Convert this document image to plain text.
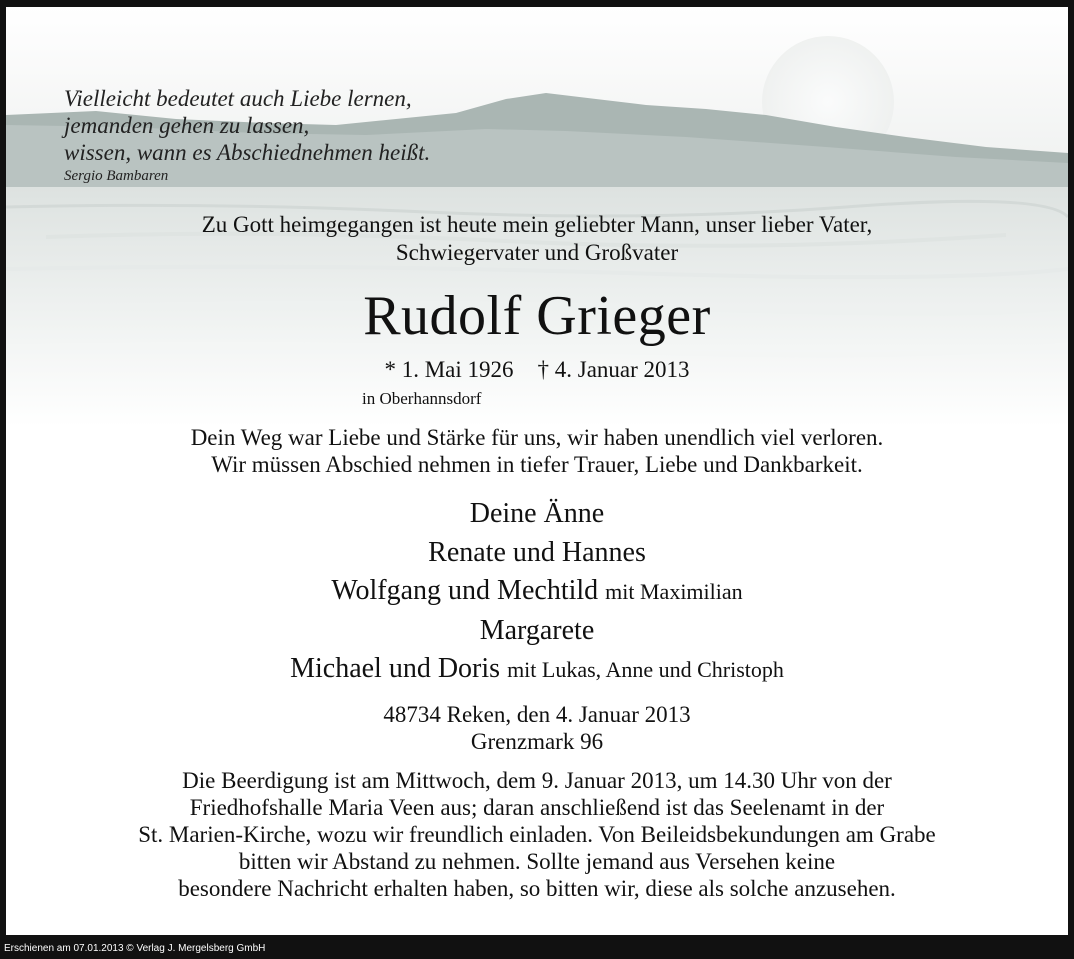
Vielleicht bedeutet auch Liebe lernen,
jemanden gehen zu lassen,
wissen, wann es Abschiednehmen heißt.
Sergio Bambaren
Zu Gott heimgegangen ist heute mein geliebter Mann, unser lieber Vater,
Schwiegervater und Großvater
Rudolf Grieger
* 1. Mai 1926 † 4. Januar 2013
in Oberhannsdorf
Dein Weg war Liebe und Stärke für uns, wir haben unendlich viel verloren.
Wir müssen Abschied nehmen in tiefer Trauer, Liebe und Dankbarkeit.
Deine Änne
Renate und Hannes
Wolfgang und Mechtild mit Maximilian
Margarete
Michael und Doris mit Lukas, Anne und Christoph
48734 Reken, den 4. Januar 2013
Grenzmark 96
Die Beerdigung ist am Mittwoch, dem 9. Januar 2013, um 14.30 Uhr von der
Friedhofshalle Maria Veen aus; daran anschließend ist das Seelenamt in der
St. Marien-Kirche, wozu wir freundlich einladen. Von Beileidsbekundungen am Grabe
bitten wir Abstand zu nehmen. Sollte jemand aus Versehen keine
besondere Nachricht erhalten haben, so bitten wir, diese als solche anzusehen.
Erschienen am 07.01.2013 © Verlag J. Mergelsberg GmbH
